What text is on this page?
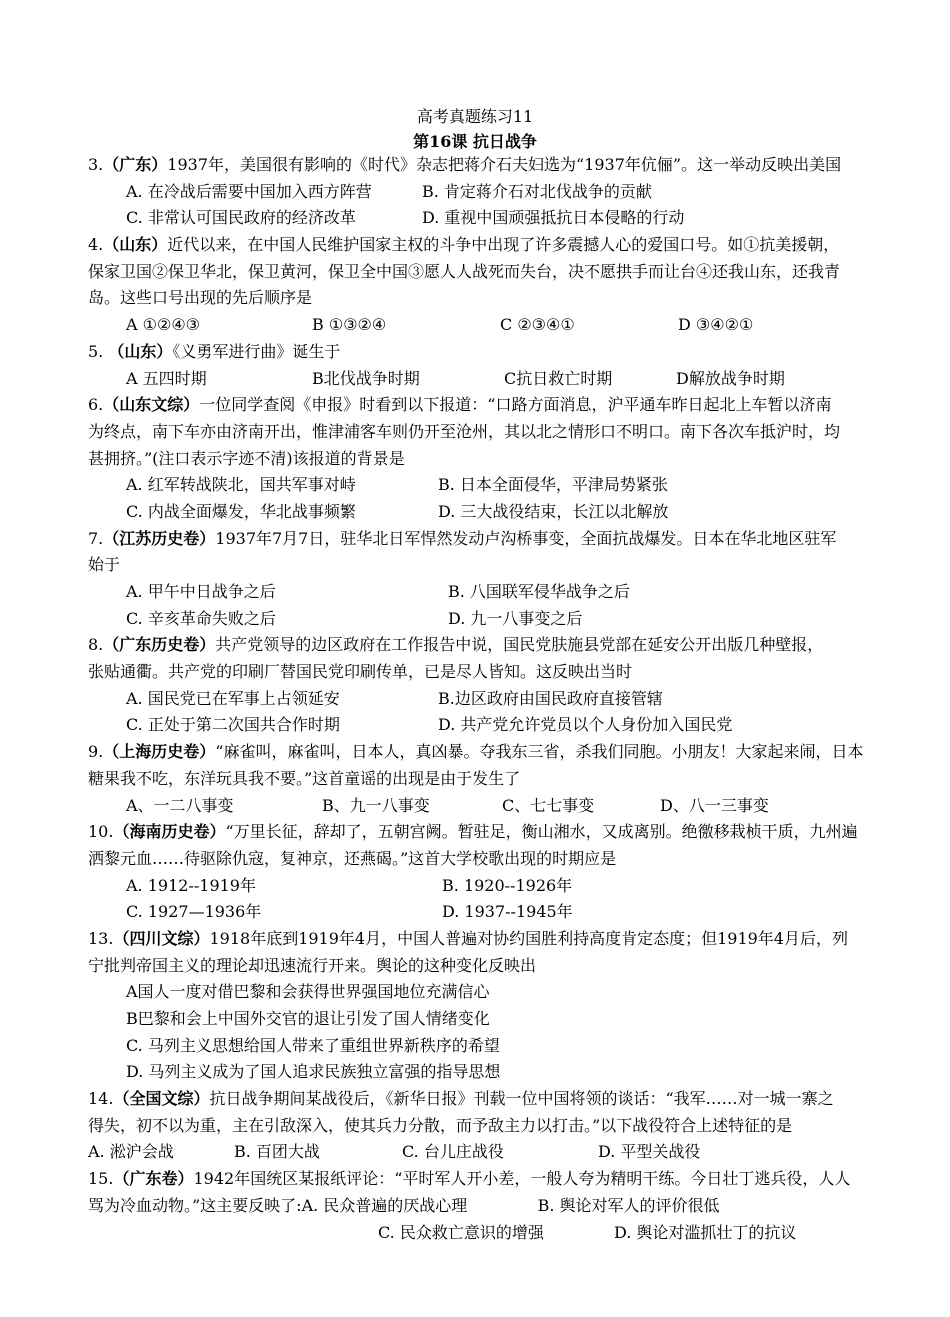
高考真题练习11
第16课 抗日战争
3.（广东）1937年，美国很有影响的《时代》杂志把蒋介石夫妇选为“1937年伉俪”。这一举动反映出美国
A. 在冷战后需要中国加入西方阵营	B. 肯定蒋介石对北伐战争的贡献
C. 非常认可国民政府的经济改革	D. 重视中国顽强抵抗日本侵略的行动
4.（山东）近代以来，在中国人民维护国家主权的斗争中出现了许多震撼人心的爱国口号。如①抗美援朝，
保家卫国②保卫华北，保卫黄河，保卫全中国③愿人人战死而失台，决不愿拱手而让台④还我山东，还我青
岛。这些口号出现的先后顺序是
A ①②④③	B ①③②④	C ②③④①	D ③④②①
5. （山东）《义勇军进行曲》诞生于
A 五四时期	B北伐战争时期	C抗日救亡时期	D解放战争时期
6.（山东文综）一位同学查阅《申报》时看到以下报道：“口路方面消息，沪平通车昨日起北上车暂以济南
为终点，南下车亦由济南开出，惟津浦客车则仍开至沧州，其以北之情形口不明口。南下各次车抵沪时，均
甚拥挤。”(注口表示字迹不清)该报道的背景是
A. 红军转战陕北，国共军事对峙	B. 日本全面侵华，平津局势紧张
C. 内战全面爆发，华北战事频繁	D. 三大战役结束，长江以北解放
7.（江苏历史卷）1937年7月7日，驻华北日军悍然发动卢沟桥事变，全面抗战爆发。日本在华北地区驻军
始于
A. 甲午中日战争之后	B. 八国联军侵华战争之后
C. 辛亥革命失败之后	D. 九一八事变之后
8.（广东历史卷）共产党领导的边区政府在工作报告中说，国民党肤施县党部在延安公开出版几种壁报，
张贴通衢。共产党的印刷厂替国民党印刷传单，已是尽人皆知。这反映出当时
A. 国民党已在军事上占领延安	B.边区政府由国民政府直接管辖
C. 正处于第二次国共合作时期	D. 共产党允许党员以个人身份加入国民党
9.（上海历史卷）“麻雀叫，麻雀叫，日本人，真凶暴。夺我东三省，杀我们同胞。小朋友！大家起来闹，日本
糖果我不吃，东洋玩具我不要。”这首童谣的出现是由于发生了
A、一二八事变	B、九一八事变	C、七七事变	D、八一三事变
10.（海南历史卷）“万里长征，辞却了，五朝宫阙。暂驻足，衡山湘水，又成离别。绝徼移栽桢干质，九州遍
洒黎元血……待驱除仇寇，复神京，还燕碣。”这首大学校歌出现的时期应是
A. 1912--1919年	B. 1920--1926年
C. 1927—1936年	D. 1937--1945年
13.（四川文综）1918年底到1919年4月，中国人普遍对协约国胜利持高度肯定态度；但1919年4月后，列
宁批判帝国主义的理论却迅速流行开来。舆论的这种变化反映出
A国人一度对借巴黎和会获得世界强国地位充满信心
B巴黎和会上中国外交官的退让引发了国人情绪变化
C. 马列主义思想给国人带来了重组世界新秩序的希望
D. 马列主义成为了国人追求民族独立富强的指导思想
14.（全国文综）抗日战争期间某战役后，《新华日报》刊载一位中国将领的谈话：“我军……对一城一寨之
得失，初不以为重，主在引敌深入，使其兵力分散，而予敌主力以打击。”以下战役符合上述特征的是
A. 淞沪会战	B. 百团大战	C. 台儿庄战役	D. 平型关战役
15.（广东卷）1942年国统区某报纸评论：“平时军人开小差，一般人夸为精明干练。今日壮丁逃兵役，人人
骂为冷血动物。”这主要反映了:A. 民众普遍的厌战心理	B. 舆论对军人的评价很低
C. 民众救亡意识的增强	D. 舆论对滥抓壮丁的抗议
